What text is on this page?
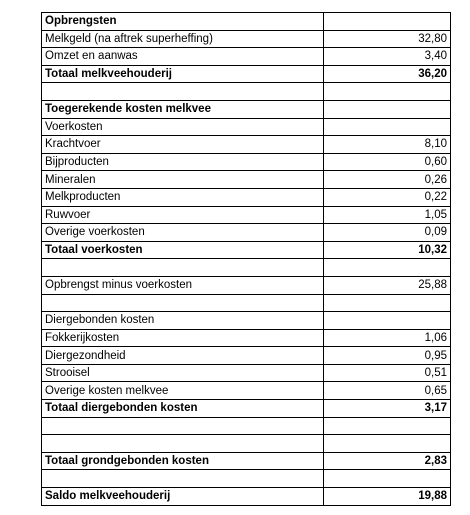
Opbrengsten	
Melkgeld (na aftrek superheffing)	32,80
Omzet en aanwas	3,40
Totaal melkveehouderij	36,20

Toegerekende kosten melkvee	
Voerkosten	
Krachtvoer	8,10
Bijproducten	0,60
Mineralen	0,26
Melkproducten	0,22
Ruwvoer	1,05
Overige voerkosten	0,09
Totaal voerkosten	10,32

Opbrengst minus voerkosten	25,88

Diergebonden kosten	
Fokkerijkosten	1,06
Diergezondheid	0,95
Strooisel	0,51
Overige kosten melkvee	0,65
Totaal diergebonden kosten	3,17

Totaal grondgebonden kosten	2,83

Saldo melkveehouderij	19,88
